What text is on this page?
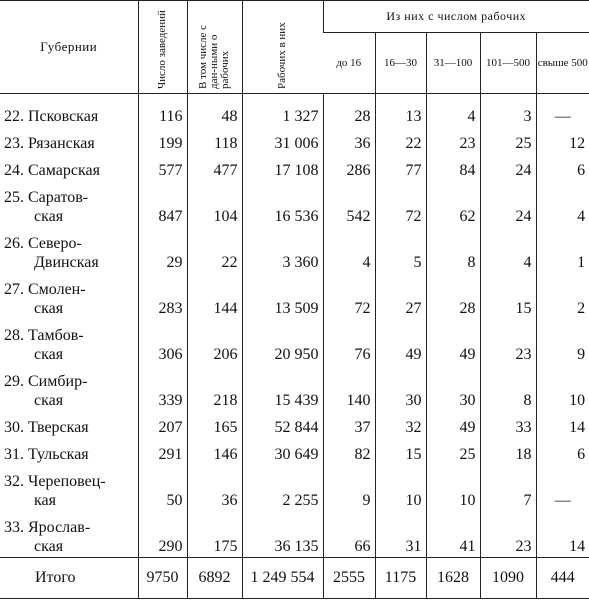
Губернии	Число заведений	В том числе с дан-ными о рабочих	Рабочих в них	Из них с числом рабочих				
				до 16	16—30	31—100	101—500	свыше 500

22. Псковская	116	48	1 327	28	13	4	3	—

23. Рязанская	199	118	31 006	36	22	23	25	12

24. Самарская	577	477	17 108	286	77	84	24	6

25. Саратов-
ская	847	104	16 536	542	72	62	24	4

26. Северо-
Двинская	29	22	3 360	4	5	8	4	1

27. Смолен-
ская	283	144	13 509	72	27	28	15	2

28. Тамбов-
ская	306	206	20 950	76	49	49	23	9

29. Симбир-
ская	339	218	15 439	140	30	30	8	10

30. Тверская	207	165	52 844	37	32	49	33	14

31. Тульская	291	146	30 649	82	15	25	18	6

32. Череповец-
кая	50	36	2 255	9	10	10	7	—

33. Ярослав-
ская	290	175	36 135	66	31	41	23	14
Итого	9750	6892	1 249 554	2555	1175	1628	1090	444
